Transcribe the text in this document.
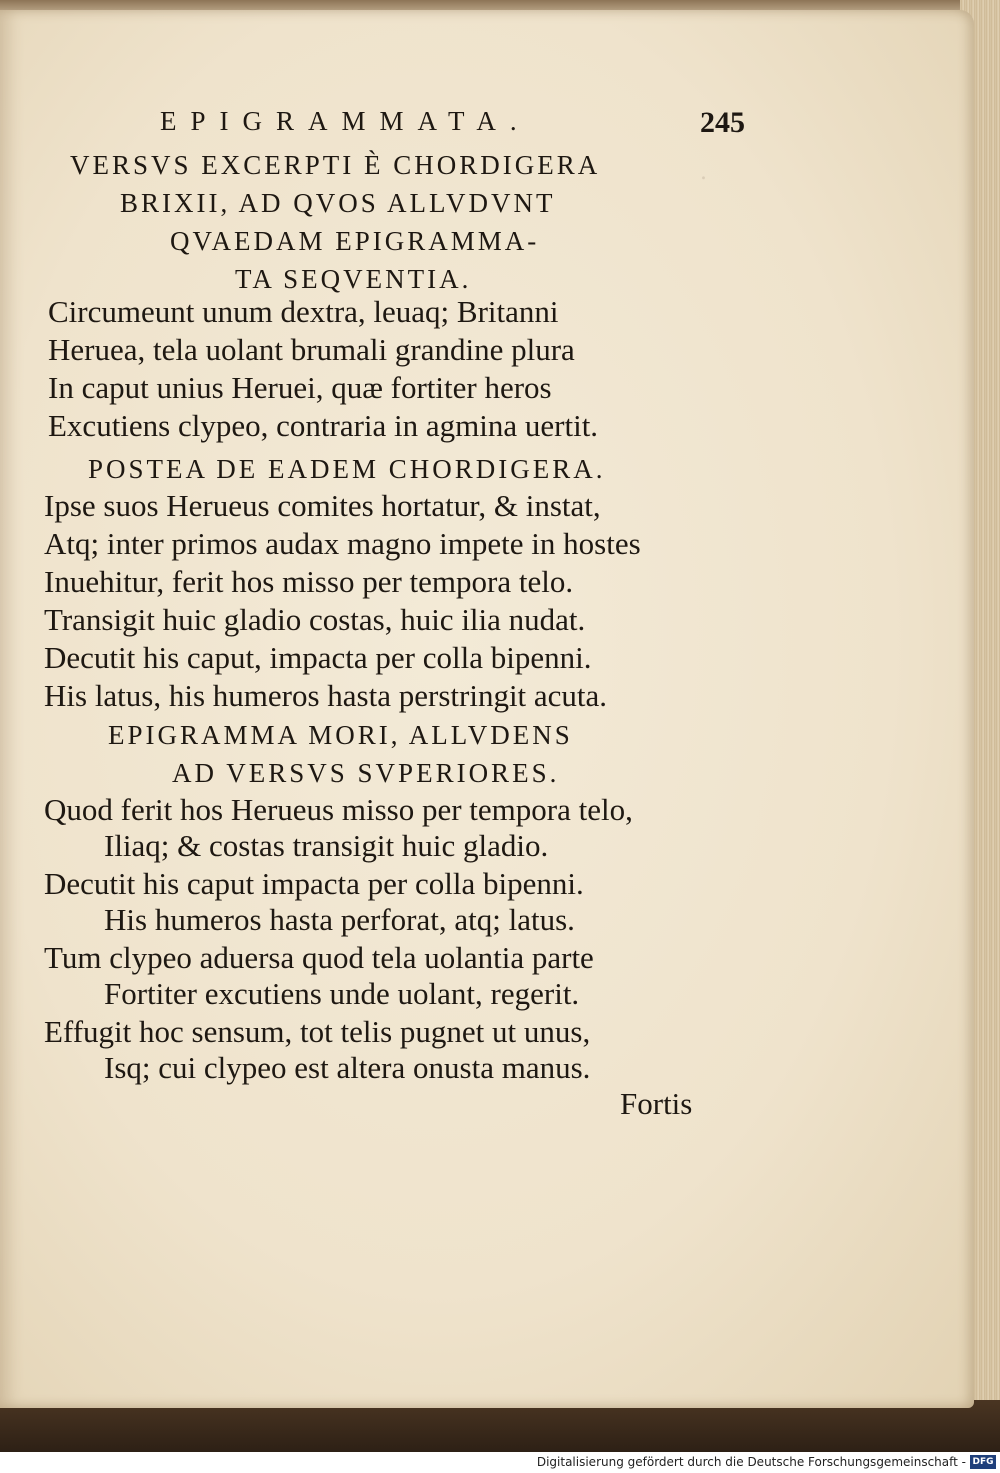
.
EPIGRAMMATA.	245
VERSVS EXCERPTI È CHORDIGERA
BRIXII, AD QVOS ALLVDVNT
QVAEDAM EPIGRAMMA-
TA SEQVENTIA.
Circumeunt unum dextra, leuaq; Britanni
Heruea, tela uolant brumali grandine plura
In caput unius Heruei, quæ fortiter heros
Excutiens clypeo, contraria in agmina uertit.
POSTEA DE EADEM CHORDIGERA.
Ipse suos Herueus comites hortatur, & instat,
Atq; inter primos audax magno impete in hostes
Inuehitur, ferit hos misso per tempora telo.
Transigit huic gladio costas, huic ilia nudat.
Decutit his caput, impacta per colla bipenni.
His latus, his humeros hasta perstringit acuta.
EPIGRAMMA MORI, ALLVDENS
AD VERSVS SVPERIORES.
Quod ferit hos Herueus misso per tempora telo,
Iliaq; & costas transigit huic gladio.
Decutit his caput impacta per colla bipenni.
His humeros hasta perforat, atq; latus.
Tum clypeo aduersa quod tela uolantia parte
Fortiter excutiens unde uolant, regerit.
Effugit hoc sensum, tot telis pugnet ut unus,
Isq; cui clypeo est altera onusta manus.
Fortis
Digitalisierung gefördert durch die Deutsche Forschungsgemeinschaft - DFG
